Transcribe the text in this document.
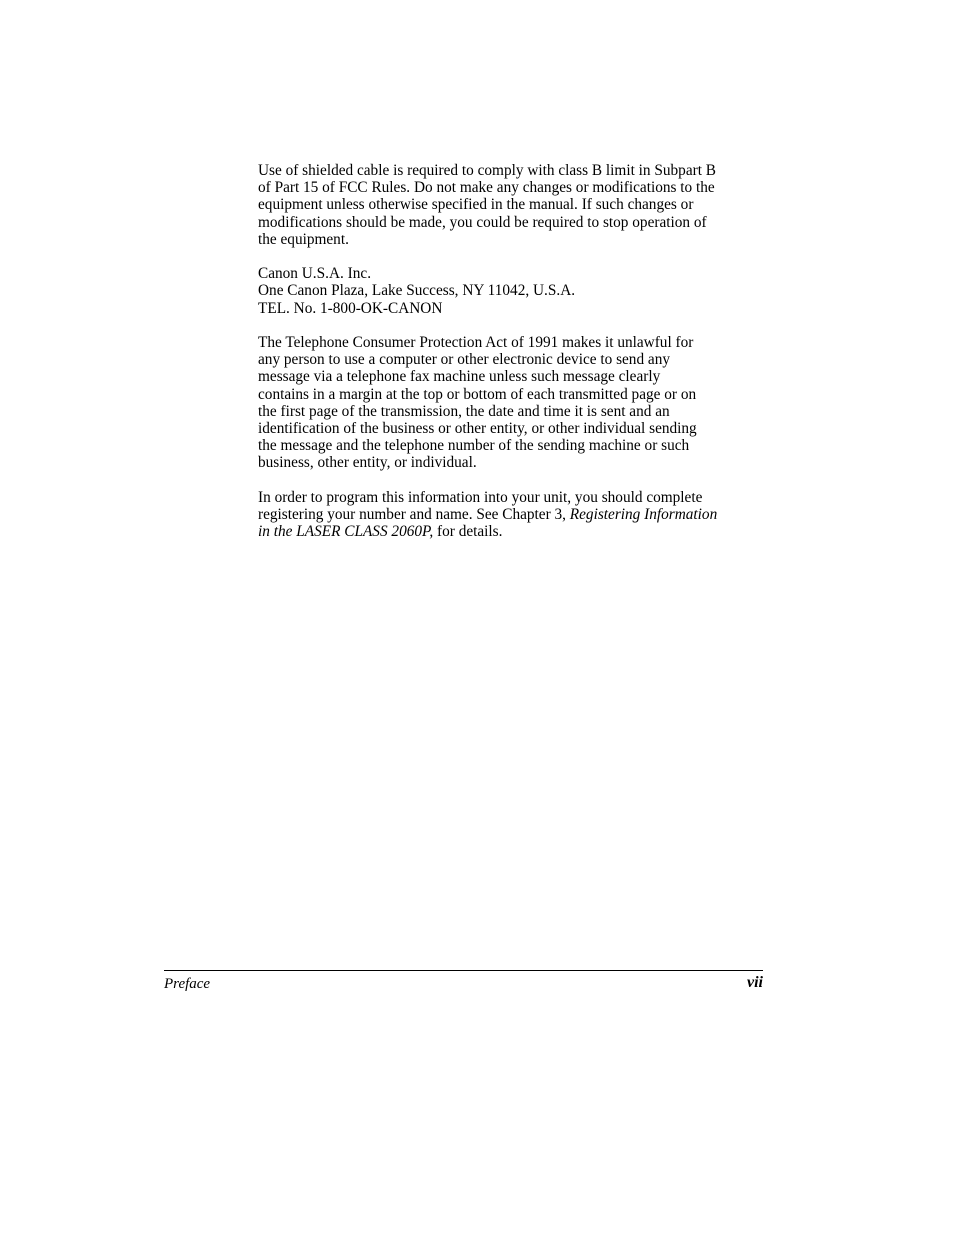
Use of shielded cable is required to comply with class B limit in Subpart B
of Part 15 of FCC Rules. Do not make any changes or modifications to the
equipment unless otherwise specified in the manual. If such changes or
modifications should be made, you could be required to stop operation of
the equipment.

Canon U.S.A. Inc.
One Canon Plaza, Lake Success, NY 11042, U.S.A.
TEL. No. 1-800-OK-CANON

The Telephone Consumer Protection Act of 1991 makes it unlawful for
any person to use a computer or other electronic device to send any
message via a telephone fax machine unless such message clearly
contains in a margin at the top or bottom of each transmitted page or on
the first page of the transmission, the date and time it is sent and an
identification of the business or other entity, or other individual sending
the message and the telephone number of the sending machine or such
business, other entity, or individual.

In order to program this information into your unit, you should complete
registering your number and name. See Chapter 3, Registering Information
in the LASER CLASS 2060P, for details.

Preface	vii
